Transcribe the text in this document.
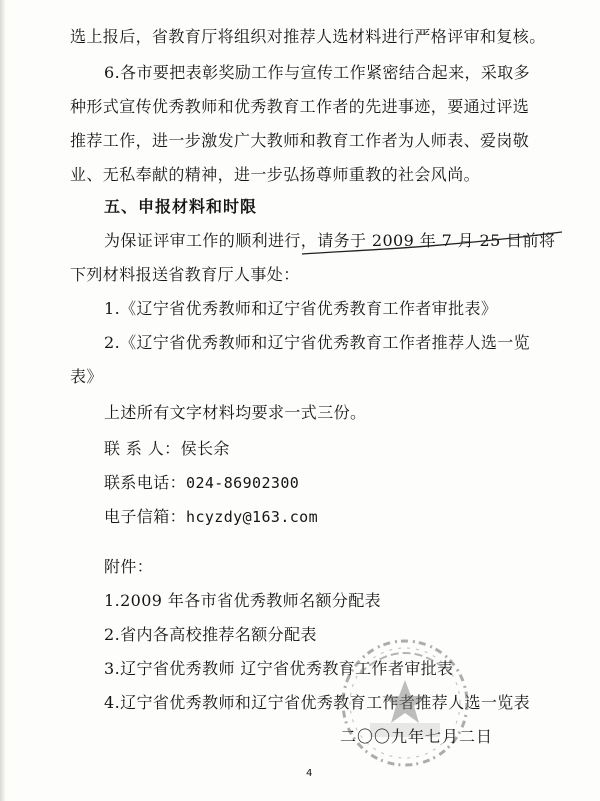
选上报后，省教育厅将组织对推荐人选材料进行严格评审和复核。
6.各市要把表彰奖励工作与宣传工作紧密结合起来，采取多
种形式宣传优秀教师和优秀教育工作者的先进事迹，要通过评选
推荐工作，进一步激发广大教师和教育工作者为人师表、爱岗敬
业、无私奉献的精神，进一步弘扬尊师重教的社会风尚。
五、申报材料和时限
为保证评审工作的顺利进行，请务于 2009 年 7 月 25 日前将
下列材料报送省教育厅人事处：
1.《辽宁省优秀教师和辽宁省优秀教育工作者审批表》
2.《辽宁省优秀教师和辽宁省优秀教育工作者推荐人选一览
表》
上述所有文字材料均要求一式三份。
联 系 人：侯长余
联系电话：024-86902300
电子信箱：hcyzdy@163.com
附件：
1.2009 年各市省优秀教师名额分配表
2.省内各高校推荐名额分配表
3.辽宁省优秀教师 辽宁省优秀教育工作者审批表
4.辽宁省优秀教师和辽宁省优秀教育工作者推荐人选一览表
二〇〇九年七月二日
4
